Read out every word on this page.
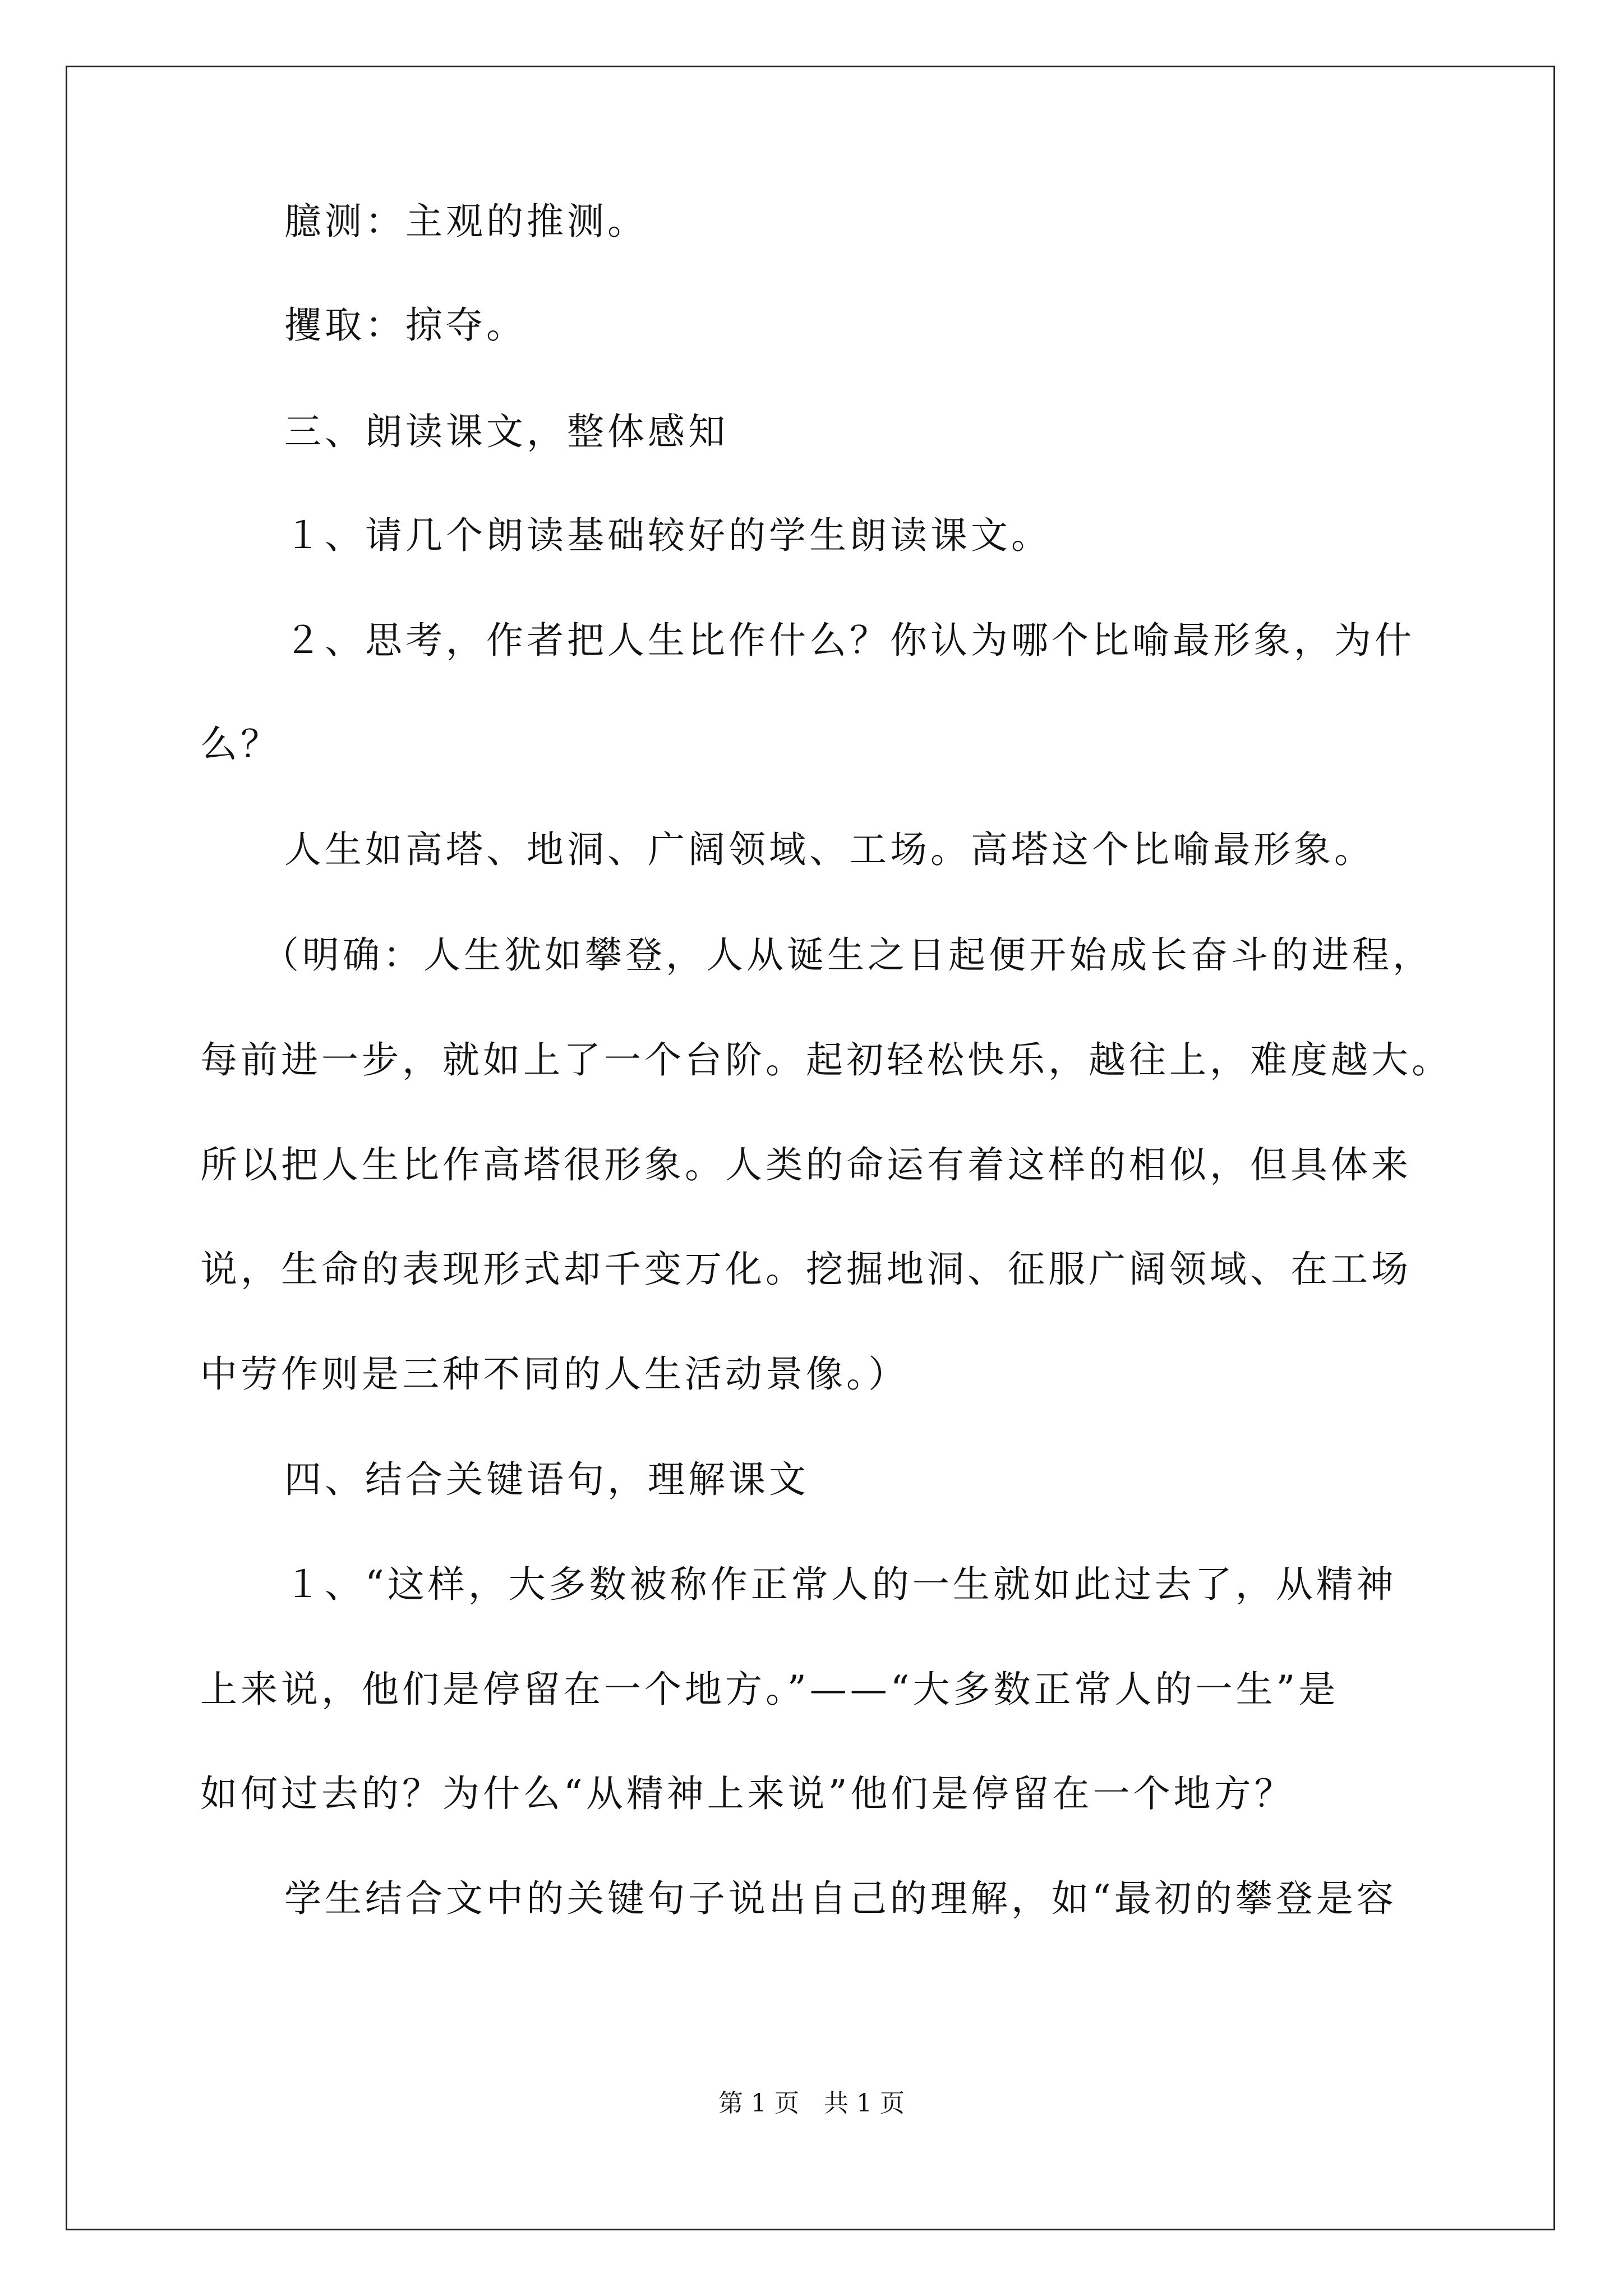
臆测：主观的推测。
攫取：掠夺。
三、朗读课文，整体感知
１、请几个朗读基础较好的学生朗读课文。
２、思考，作者把人生比作什么？你认为哪个比喻最形象，为什
么？
人生如高塔、地洞、广阔领域、工场。高塔这个比喻最形象。
（明确：人生犹如攀登，人从诞生之日起便开始成长奋斗的进程，
每前进一步，就如上了一个台阶。起初轻松快乐，越往上，难度越大。
所以把人生比作高塔很形象。人类的命运有着这样的相似，但具体来
说，生命的表现形式却千变万化。挖掘地洞、征服广阔领域、在工场
中劳作则是三种不同的人生活动景像。）
四、结合关键语句，理解课文
１、“这样，大多数被称作正常人的一生就如此过去了，从精神
上来说，他们是停留在一个地方。”——“大多数正常人的一生”是
如何过去的？为什么“从精神上来说”他们是停留在一个地方？
学生结合文中的关键句子说出自己的理解，如“最初的攀登是容
第 1 页　共 1 页
